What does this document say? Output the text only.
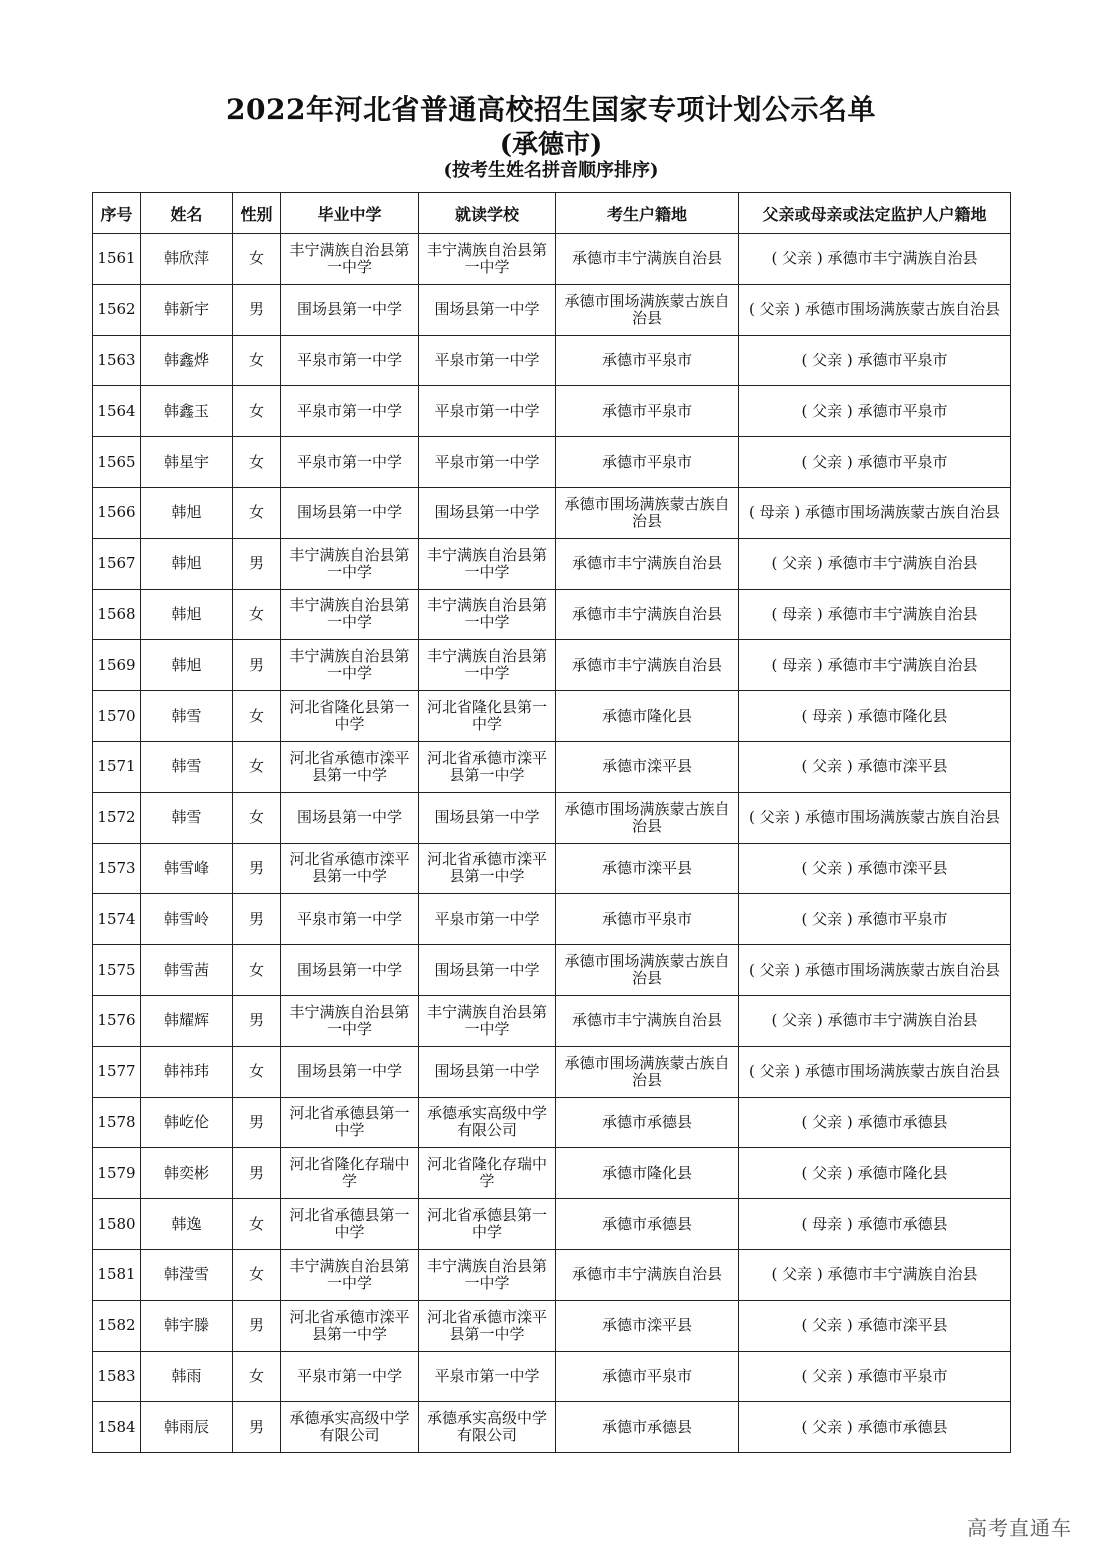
2022年河北省普通高校招生国家专项计划公示名单
(承德市)
(按考生姓名拼音顺序排序)
序号	姓名	性别	毕业中学	就读学校	考生户籍地	父亲或母亲或法定监护人户籍地
1561	韩欣萍	女	丰宁满族自治县第一中学	丰宁满族自治县第一中学	承德市丰宁满族自治县	( 父亲 ) 承德市丰宁满族自治县
1562	韩新宇	男	围场县第一中学	围场县第一中学	承德市围场满族蒙古族自治县	( 父亲 ) 承德市围场满族蒙古族自治县
1563	韩鑫烨	女	平泉市第一中学	平泉市第一中学	承德市平泉市	( 父亲 ) 承德市平泉市
1564	韩鑫玉	女	平泉市第一中学	平泉市第一中学	承德市平泉市	( 父亲 ) 承德市平泉市
1565	韩星宇	女	平泉市第一中学	平泉市第一中学	承德市平泉市	( 父亲 ) 承德市平泉市
1566	韩旭	女	围场县第一中学	围场县第一中学	承德市围场满族蒙古族自治县	( 母亲 ) 承德市围场满族蒙古族自治县
1567	韩旭	男	丰宁满族自治县第一中学	丰宁满族自治县第一中学	承德市丰宁满族自治县	( 父亲 ) 承德市丰宁满族自治县
1568	韩旭	女	丰宁满族自治县第一中学	丰宁满族自治县第一中学	承德市丰宁满族自治县	( 母亲 ) 承德市丰宁满族自治县
1569	韩旭	男	丰宁满族自治县第一中学	丰宁满族自治县第一中学	承德市丰宁满族自治县	( 母亲 ) 承德市丰宁满族自治县
1570	韩雪	女	河北省隆化县第一中学	河北省隆化县第一中学	承德市隆化县	( 母亲 ) 承德市隆化县
1571	韩雪	女	河北省承德市滦平县第一中学	河北省承德市滦平县第一中学	承德市滦平县	( 父亲 ) 承德市滦平县
1572	韩雪	女	围场县第一中学	围场县第一中学	承德市围场满族蒙古族自治县	( 父亲 ) 承德市围场满族蒙古族自治县
1573	韩雪峰	男	河北省承德市滦平县第一中学	河北省承德市滦平县第一中学	承德市滦平县	( 父亲 ) 承德市滦平县
1574	韩雪岭	男	平泉市第一中学	平泉市第一中学	承德市平泉市	( 父亲 ) 承德市平泉市
1575	韩雪茜	女	围场县第一中学	围场县第一中学	承德市围场满族蒙古族自治县	( 父亲 ) 承德市围场满族蒙古族自治县
1576	韩耀辉	男	丰宁满族自治县第一中学	丰宁满族自治县第一中学	承德市丰宁满族自治县	( 父亲 ) 承德市丰宁满族自治县
1577	韩祎玮	女	围场县第一中学	围场县第一中学	承德市围场满族蒙古族自治县	( 父亲 ) 承德市围场满族蒙古族自治县
1578	韩屹伦	男	河北省承德县第一中学	承德承实高级中学有限公司	承德市承德县	( 父亲 ) 承德市承德县
1579	韩奕彬	男	河北省隆化存瑞中学	河北省隆化存瑞中学	承德市隆化县	( 父亲 ) 承德市隆化县
1580	韩逸	女	河北省承德县第一中学	河北省承德县第一中学	承德市承德县	( 母亲 ) 承德市承德县
1581	韩滢雪	女	丰宁满族自治县第一中学	丰宁满族自治县第一中学	承德市丰宁满族自治县	( 父亲 ) 承德市丰宁满族自治县
1582	韩宇滕	男	河北省承德市滦平县第一中学	河北省承德市滦平县第一中学	承德市滦平县	( 父亲 ) 承德市滦平县
1583	韩雨	女	平泉市第一中学	平泉市第一中学	承德市平泉市	( 父亲 ) 承德市平泉市
1584	韩雨辰	男	承德承实高级中学有限公司	承德承实高级中学有限公司	承德市承德县	( 父亲 ) 承德市承德县
高考直通车
